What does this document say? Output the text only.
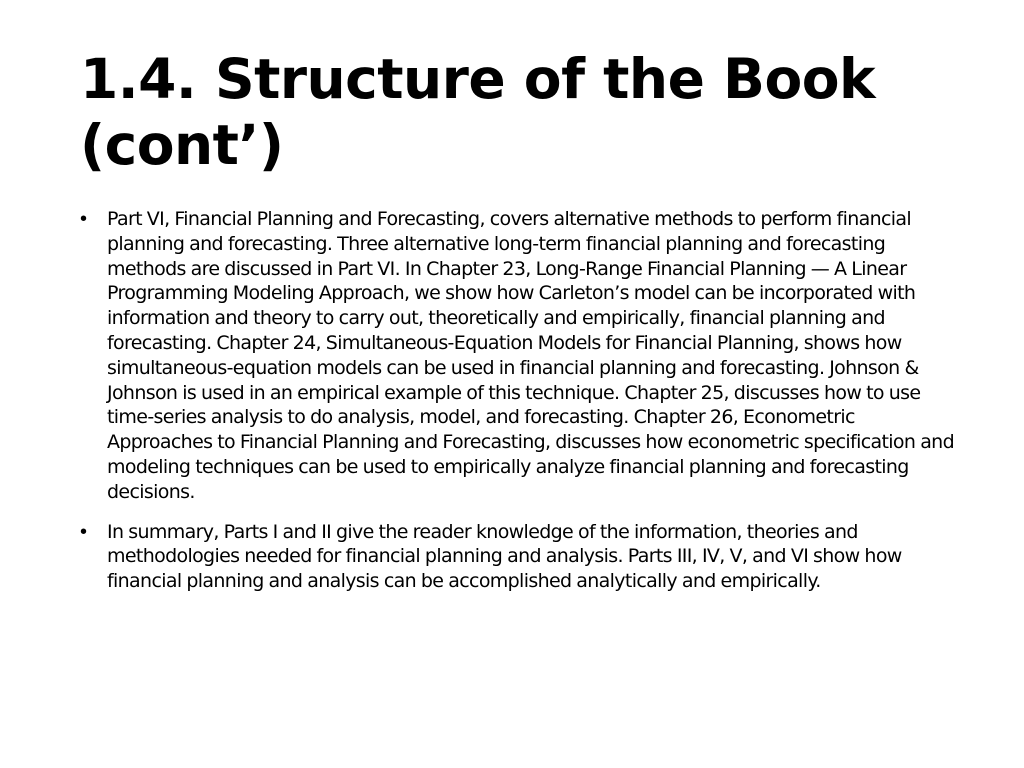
1.4. Structure of the Book (cont’)
• Part VI, Financial Planning and Forecasting, covers alternative methods to perform financial planning and forecasting. Three alternative long-term financial planning and forecasting methods are discussed in Part VI. In Chapter 23, Long-Range Financial Planning — A Linear Programming Modeling Approach, we show how Carleton’s model can be incorporated with information and theory to carry out, theoretically and empirically, financial planning and forecasting. Chapter 24, Simultaneous-Equation Models for Financial Planning, shows how simultaneous-equation models can be used in financial planning and forecasting. Johnson & Johnson is used in an empirical example of this technique. Chapter 25, discusses how to use time-series analysis to do analysis, model, and forecasting. Chapter 26, Econometric Approaches to Financial Planning and Forecasting, discusses how econometric specification and modeling techniques can be used to empirically analyze financial planning and forecasting decisions.
• In summary, Parts I and II give the reader knowledge of the information, theories and methodologies needed for financial planning and analysis. Parts III, IV, V, and VI show how financial planning and analysis can be accomplished analytically and empirically.
